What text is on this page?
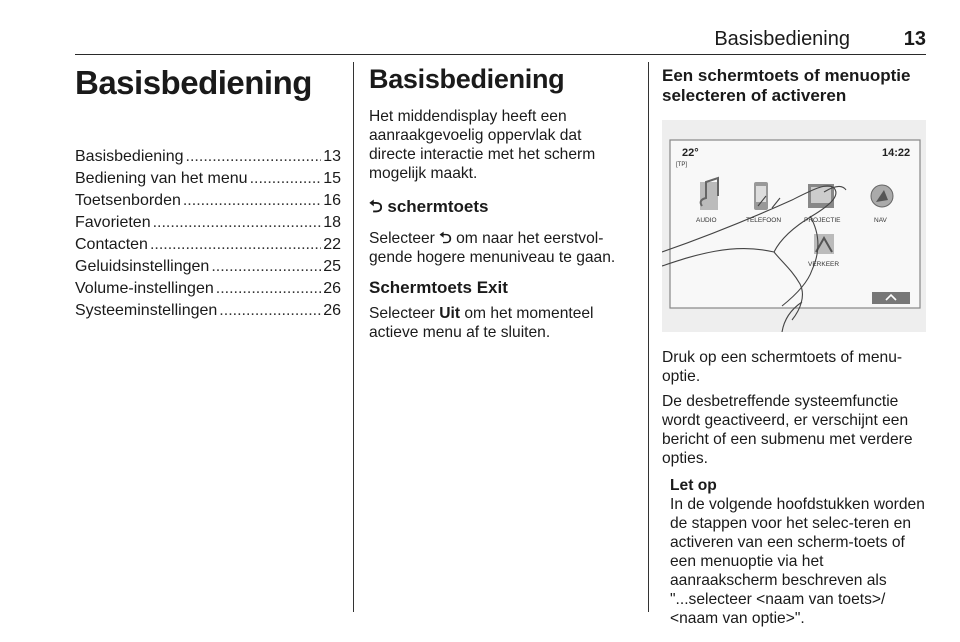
Basisbediening	13
Basisbediening
Basisbediening .....	13
Bediening van het menu .....	15
Toetsenborden .....	16
Favorieten .....	18
Contacten .....	22
Geluidsinstellingen .....	25
Volume-instellingen .....	26
Systeeminstellingen .....	26
Basisbediening

Het middendisplay heeft een aanraakgevoelig oppervlak dat directe interactie met het scherm mogelijk maakt.

⮌ schermtoets

Selecteer ⮌ om naar het eerstvol-gende hogere menuniveau te gaan.

Schermtoets Exit

Selecteer Uit om het momenteel actieve menu af te sluiten.

Een schermtoets of menuoptie selecteren of activeren
22°
[TP]
14:22
AUDIO	TELEFOON	PROJECTIE	NAV
VERKEER

Druk op een schermtoets of menu-optie.

De desbetreffende systeemfunctie wordt geactiveerd, er verschijnt een bericht of een submenu met verdere opties.

Let op
In de volgende hoofdstukken worden de stappen voor het selec-teren en activeren van een scherm-toets of een menuoptie via het aanraakscherm beschreven als "...selecteer <naam van toets>/ <naam van optie>".
